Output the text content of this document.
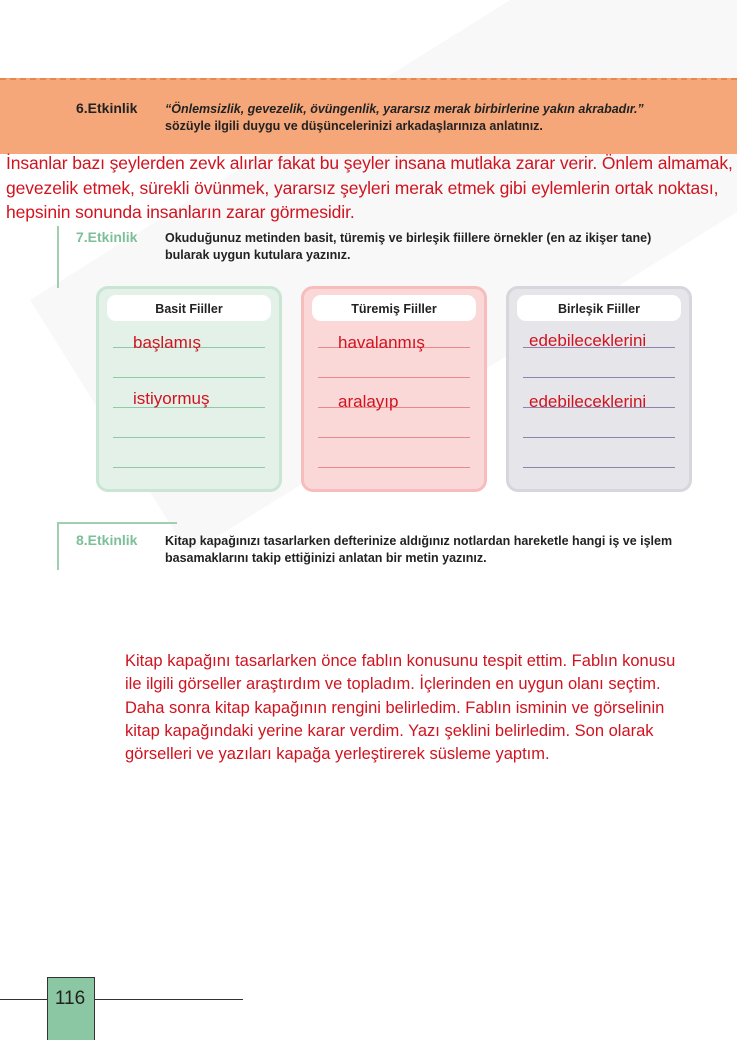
6.Etkinlik “Önlemsizlik, gevezelik, övüngenlik, yararsız merak birbirlerine yakın akrabadır.” sözüyle ilgili duygu ve düşüncelerinizi arkadaşlarınıza anlatınız.
İnsanlar bazı şeylerden zevk alırlar fakat bu şeyler insana mutlaka zarar verir. Önlem almamak, gevezelik etmek, sürekli övünmek, yararsız şeyleri merak etmek gibi eylemlerin ortak noktası, hepsinin sonunda insanların zarar görmesidir.
7.Etkinlik Okuduğunuz metinden basit, türemiş ve birleşik fiillere örnekler (en az ikişer tane) bularak uygun kutulara yazınız.
Basit Fiiller
başlamış
istiyormuş
Türemiş Fiiller
havalanmış
aralayıp
Birleşik Fiiller
edebileceklerini
edebileceklerini
8.Etkinlik Kitap kapağınızı tasarlarken defterinize aldığınız notlardan hareketle hangi iş ve işlem basamaklarını takip ettiğinizi anlatan bir metin yazınız.
Kitap kapağını tasarlarken önce fablın konusunu tespit ettim. Fablın konusu ile ilgili görseller araştırdım ve topladım. İçlerinden en uygun olanı seçtim. Daha sonra kitap kapağının rengini belirledim. Fablın isminin ve görselinin kitap kapağındaki yerine karar verdim. Yazı şeklini belirledim. Son olarak görselleri ve yazıları kapağa yerleştirerek süsleme yaptım.
116
